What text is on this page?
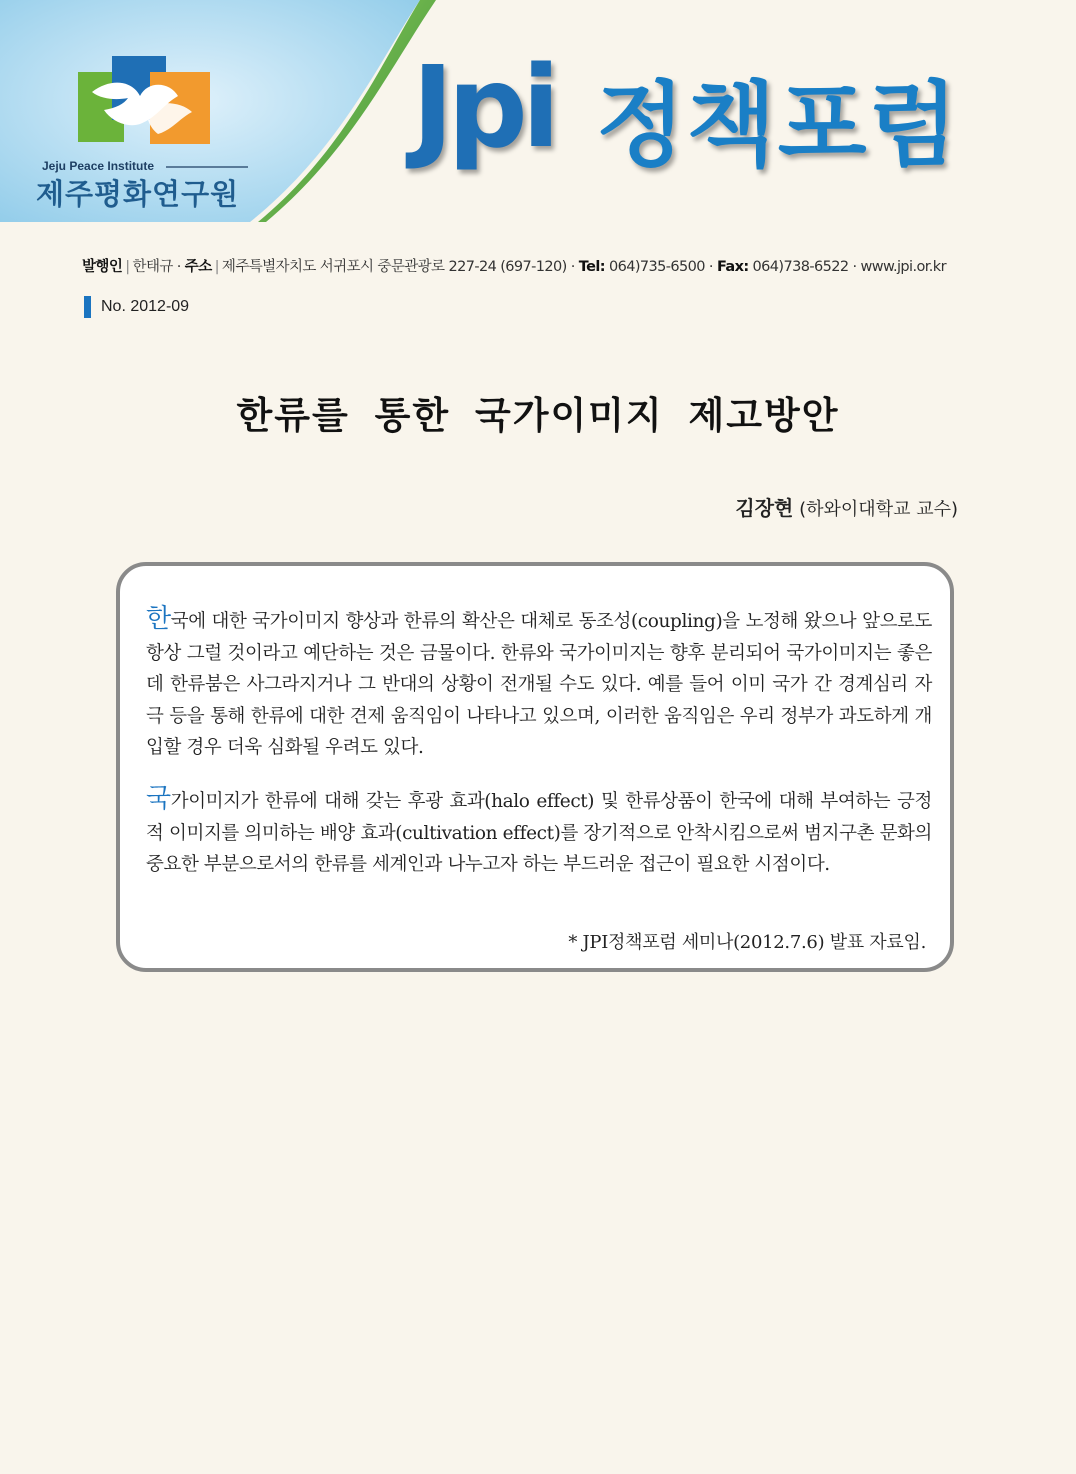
Jeju Peace Institute
제주평화연구원
Jpi 정책포럼
발행인 | 한태규 · 주소 | 제주특별자치도 서귀포시 중문관광로 227-24 (697-120) · Tel: 064)735-6500 · Fax: 064)738-6522 · www.jpi.or.kr
No. 2012-09
한류를 통한 국가이미지 제고방안
김장현 (하와이대학교 교수)

한국에 대한 국가이미지 향상과 한류의 확산은 대체로 동조성(coupling)을 노정해 왔으나 앞으로도 항상 그럴 것이라고 예단하는 것은 금물이다. 한류와 국가이미지는 향후 분리되어 국가이미지는 좋은데 한류붐은 사그라지거나 그 반대의 상황이 전개될 수도 있다. 예를 들어 이미 국가 간 경계심리 자극 등을 통해 한류에 대한 견제 움직임이 나타나고 있으며, 이러한 움직임은 우리 정부가 과도하게 개입할 경우 더욱 심화될 우려도 있다.

국가이미지가 한류에 대해 갖는 후광 효과(halo effect) 및 한류상품이 한국에 대해 부여하는 긍정적 이미지를 의미하는 배양 효과(cultivation effect)를 장기적으로 안착시킴으로써 범지구촌 문화의 중요한 부분으로서의 한류를 세계인과 나누고자 하는 부드러운 접근이 필요한 시점이다.

* JPI정책포럼 세미나(2012.7.6) 발표 자료임.
